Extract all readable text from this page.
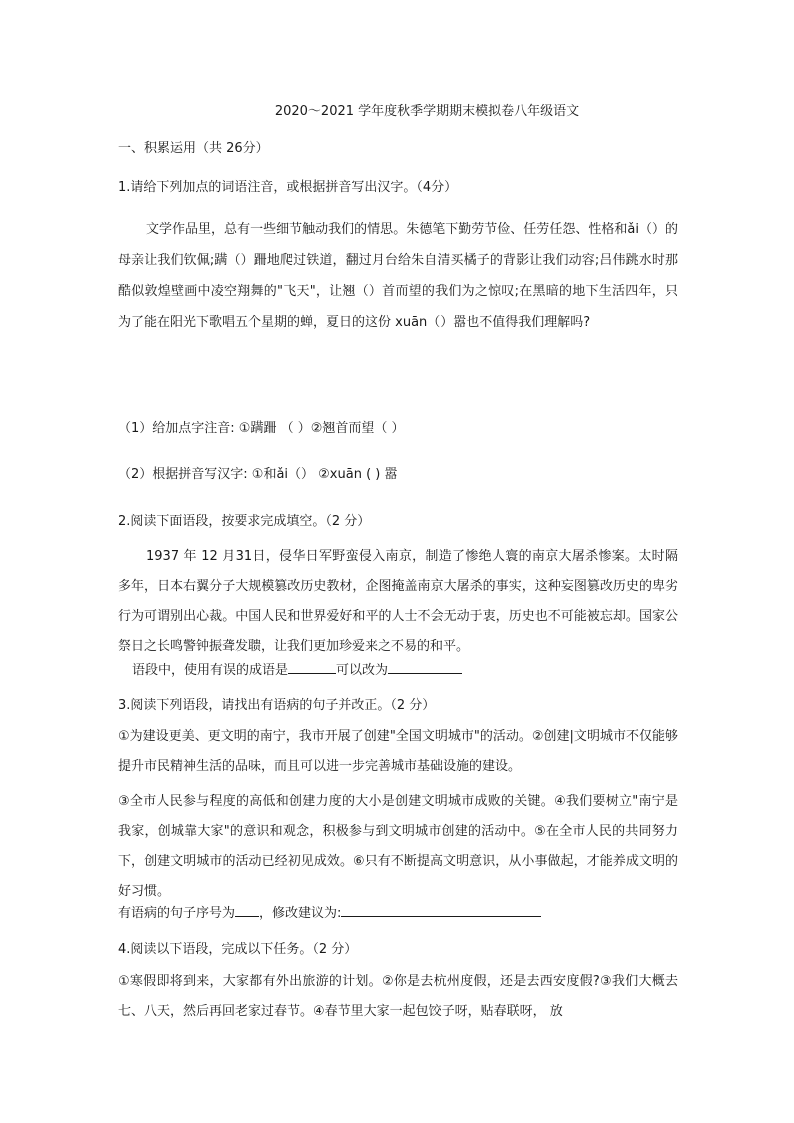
2020～2021 学年度秋季学期期末模拟卷八年级语文

一、积累运用（共 26分）

1.请给下列加点的词语注音，或根据拼音写出汉字。（4分）

文学作品里，总有一些细节触动我们的情思。朱德笔下勤劳节俭、任劳任怨、性格和ǎi（）的母亲让我们钦佩;蹒（）跚地爬过铁道，翻过月台给朱自清买橘子的背影让我们动容;吕伟跳水时那酷似敦煌壁画中凌空翔舞的"飞天"，让翘（）首而望的我们为之惊叹;在黑暗的地下生活四年，只为了能在阳光下歌唱五个星期的蝉，夏日的这份 xuān（）嚣也不值得我们理解吗?

（1）给加点字注音: ①蹒跚 （ ）②翘首而望（ ）

（2）根据拼音写汉字: ①和ǎi（） ②xuān ( ) 嚣

2.阅读下面语段，按要求完成填空。（2 分）

1937 年 12 月31日，侵华日军野蛮侵入南京，制造了惨绝人寰的南京大屠杀惨案。太时隔多年，日本右翼分子大规模篡改历史教材，企图掩盖南京大屠杀的事实，这种妄图篡改历史的卑劣行为可谓别出心裁。中国人民和世界爱好和平的人士不会无动于衷，历史也不可能被忘却。国家公祭日之长鸣警钟振聋发聩，让我们更加珍爱来之不易的和平。

语段中，使用有误的成语是	可以改为

3.阅读下列语段，请找出有语病的句子并改正。（2 分）

①为建设更美、更文明的南宁，我市开展了创建"全国文明城市"的活动。②创建|文明城市不仅能够提升市民精神生活的品味，而且可以进一步完善城市基础设施的建设。

③全市人民参与程度的高低和创建力度的大小是创建文明城市成败的关键。④我们要树立"南宁是我家，创城靠大家"的意识和观念，积极参与到文明城市创建的活动中。⑤在全市人民的共同努力下，创建文明城市的活动已经初见成效。⑥只有不断提高文明意识，从小事做起，才能养成文明的好习惯。

有语病的句子序号为 ，修改建议为:

4.阅读以下语段，完成以下任务。（2 分）

①寒假即将到来，大家都有外出旅游的计划。②你是去杭州度假，还是去西安度假?③我们大概去七、八天，然后再回老家过春节。④春节里大家一起包饺子呀，贴春联呀， 放
